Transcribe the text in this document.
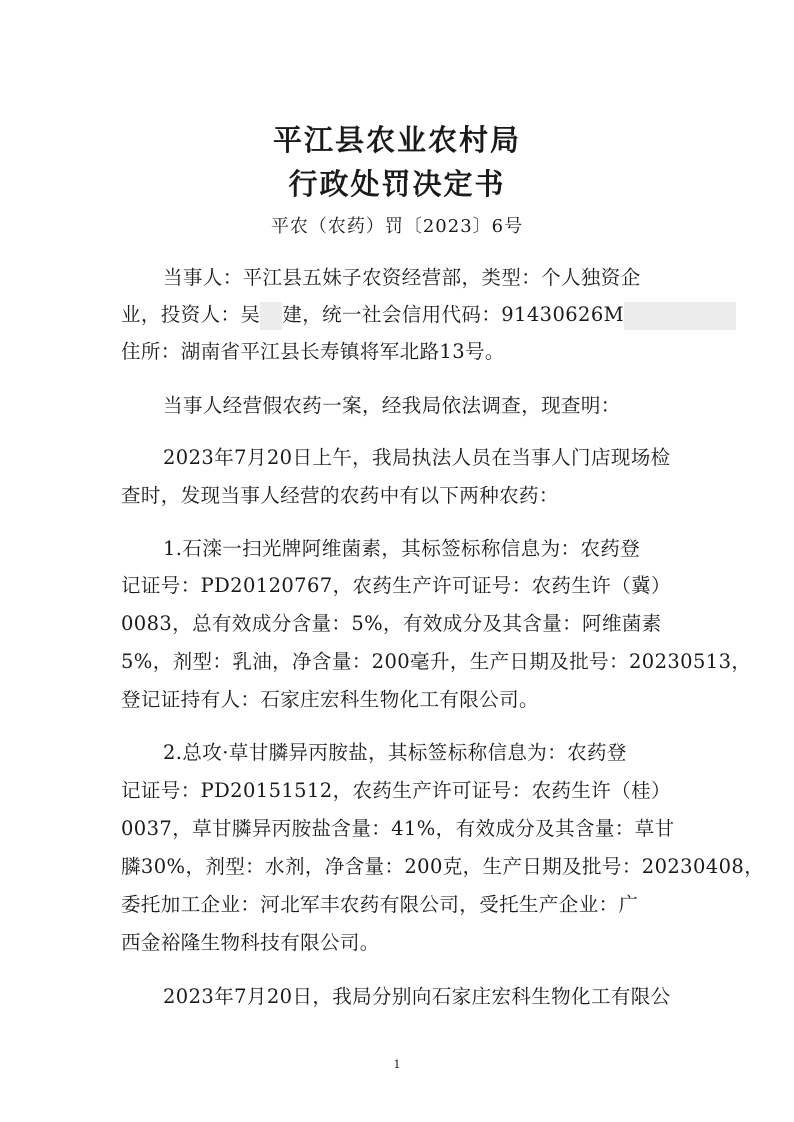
平江县农业农村局
行政处罚决定书
平农（农药）罚〔2023〕6号
当事人：平江县五妹子农资经营部，类型：个人独资企
业，投资人：吴 建，统一社会信用代码：91430626M
住所：湖南省平江县长寿镇将军北路13号。
当事人经营假农药一案，经我局依法调查，现查明：
2023年7月20日上午，我局执法人员在当事人门店现场检
查时，发现当事人经营的农药中有以下两种农药：
1.石滦一扫光牌阿维菌素，其标签标称信息为：农药登
记证号：PD20120767，农药生产许可证号：农药生许（冀）
0083，总有效成分含量：5%，有效成分及其含量：阿维菌素
5%，剂型：乳油，净含量：200毫升，生产日期及批号：20230513，
登记证持有人：石家庄宏科生物化工有限公司。
2.总攻·草甘膦异丙胺盐，其标签标称信息为：农药登
记证号：PD20151512，农药生产许可证号：农药生许（桂）
0037，草甘膦异丙胺盐含量：41%，有效成分及其含量：草甘
膦30%，剂型：水剂，净含量：200克，生产日期及批号：20230408，
委托加工企业：河北军丰农药有限公司，受托生产企业：广
西金裕隆生物科技有限公司。
2023年7月20日，我局分别向石家庄宏科生物化工有限公
1
